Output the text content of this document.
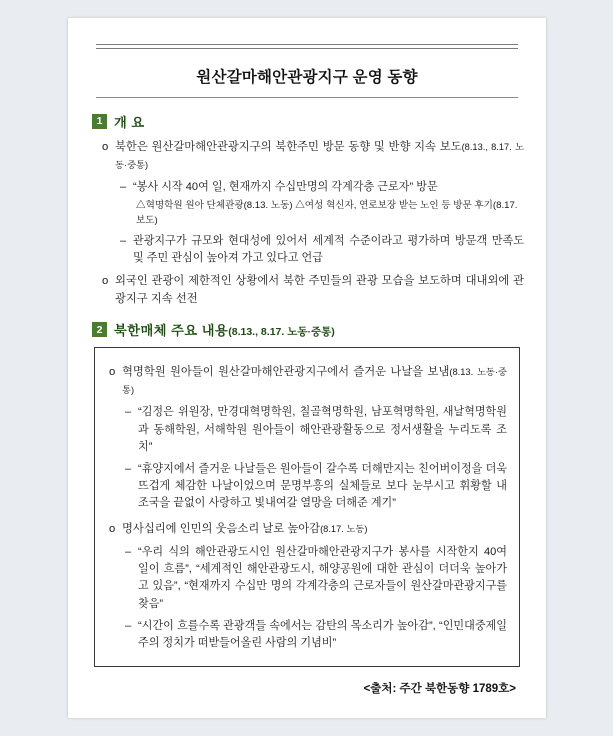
원산갈마해안관광지구 운영 동향
1 개 요
o 북한은 원산갈마해안관광지구의 북한주민 방문 동향 및 반향 지속 보도(8.13., 8.17. 노동·중통)
– “봉사 시작 40여 일, 현재까지 수십만명의 각계각층 근로자” 방문
△혁명학원 원아 단체관광(8.13. 노동) △여성 혁신자, 연로보장 받는 노인 등 방문 후기(8.17. 보도)
– 관광지구가 규모와 현대성에 있어서 세계적 수준이라고 평가하며 방문객 만족도 및 주민 관심이 높아져 가고 있다고 언급
o 외국인 관광이 제한적인 상황에서 북한 주민들의 관광 모습을 보도하며 대내외에 관광지구 지속 선전
2 북한매체 주요 내용(8.13., 8.17. 노동·중통)
o 혁명학원 원아들이 원산갈마해안관광지구에서 즐거운 나날을 보냄(8.13. 노동·중통)
– “김정은 위원장, 만경대혁명학원, 칠골혁명학원, 남포혁명학원, 새날혁명학원과 동해학원, 서해학원 원아들이 해안관광활동으로 정서생활을 누리도록 조치”
– “휴양지에서 즐거운 나날들은 원아들이 갈수록 더해만지는 친어버이정을 더욱 뜨겁게 체감한 나날이었으며 문명부흥의 실체들로 보다 눈부시고 휘황할 내 조국을 끝없이 사랑하고 빛내여갈 열망을 더해준 계기”
o 명사십리에 인민의 웃음소리 날로 높아감(8.17. 노동)
– “우리 식의 해안관광도시인 원산갈마해안관광지구가 봉사를 시작한지 40여 일이 흐름”, “세계적인 해안관광도시, 해양공원에 대한 관심이 더더욱 높아가고 있음”, “현재까지 수십만 명의 각계각층의 근로자들이 원산갈마관광지구를 찾음”
– “시간이 흐를수록 관광객들 속에서는 감탄의 목소리가 높아감”, “인민대중제일주의 정치가 떠받들어올린 사람의 기념비”
<출처: 주간 북한동향 1789호>
